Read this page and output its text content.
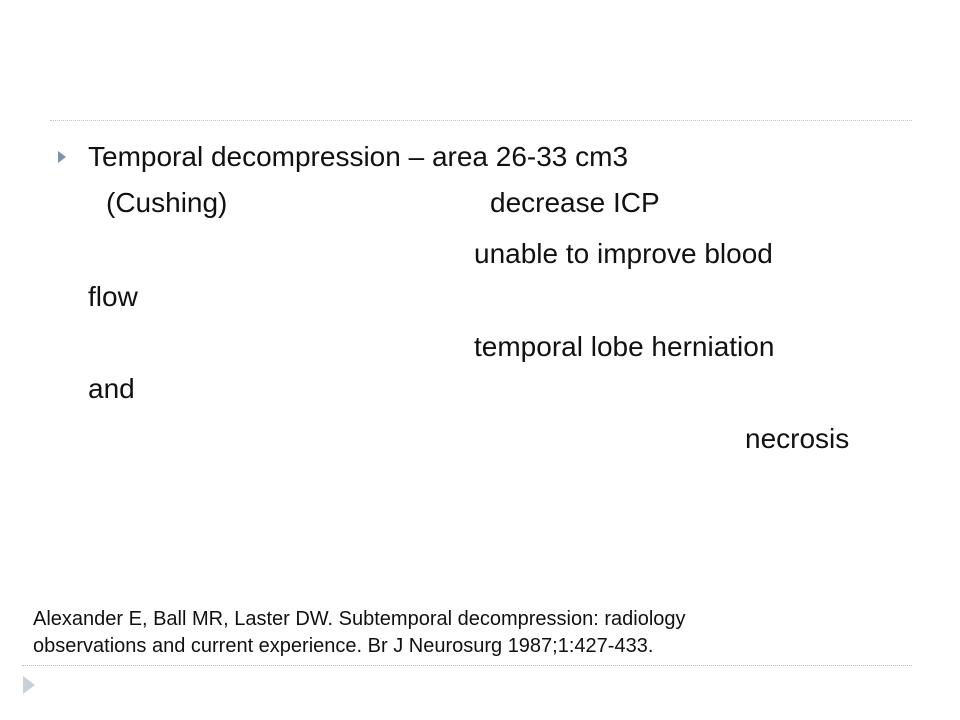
Temporal decompression – area 26-33 cm3
(Cushing)	decrease ICP
unable to improve blood
flow
temporal lobe herniation
and
necrosis
Alexander E, Ball MR, Laster DW. Subtemporal decompression: radiology
observations and current experience. Br J Neurosurg 1987;1:427-433.
